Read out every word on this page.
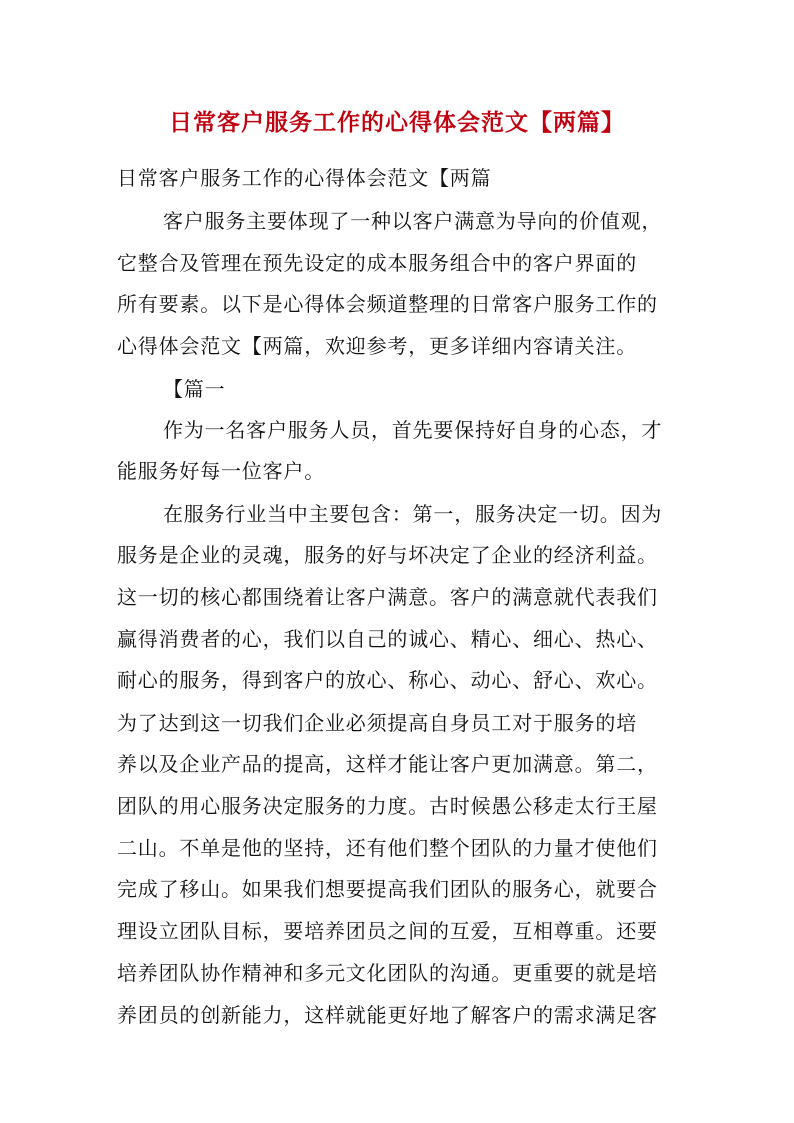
日常客户服务工作的心得体会范文【两篇】
日常客户服务工作的心得体会范文【两篇
客户服务主要体现了一种以客户满意为导向的价值观，
它整合及管理在预先设定的成本服务组合中的客户界面的
所有要素。以下是心得体会频道整理的日常客户服务工作的
心得体会范文【两篇，欢迎参考，更多详细内容请关注。
【篇一
作为一名客户服务人员，首先要保持好自身的心态，才
能服务好每一位客户。
在服务行业当中主要包含：第一，服务决定一切。因为
服务是企业的灵魂，服务的好与坏决定了企业的经济利益。
这一切的核心都围绕着让客户满意。客户的满意就代表我们
赢得消费者的心，我们以自己的诚心、精心、细心、热心、
耐心的服务，得到客户的放心、称心、动心、舒心、欢心。
为了达到这一切我们企业必须提高自身员工对于服务的培
养以及企业产品的提高，这样才能让客户更加满意。第二，
团队的用心服务决定服务的力度。古时候愚公移走太行王屋
二山。不单是他的坚持，还有他们整个团队的力量才使他们
完成了移山。如果我们想要提高我们团队的服务心，就要合
理设立团队目标，要培养团员之间的互爱，互相尊重。还要
培养团队协作精神和多元文化团队的沟通。更重要的就是培
养团员的创新能力，这样就能更好地了解客户的需求满足客
